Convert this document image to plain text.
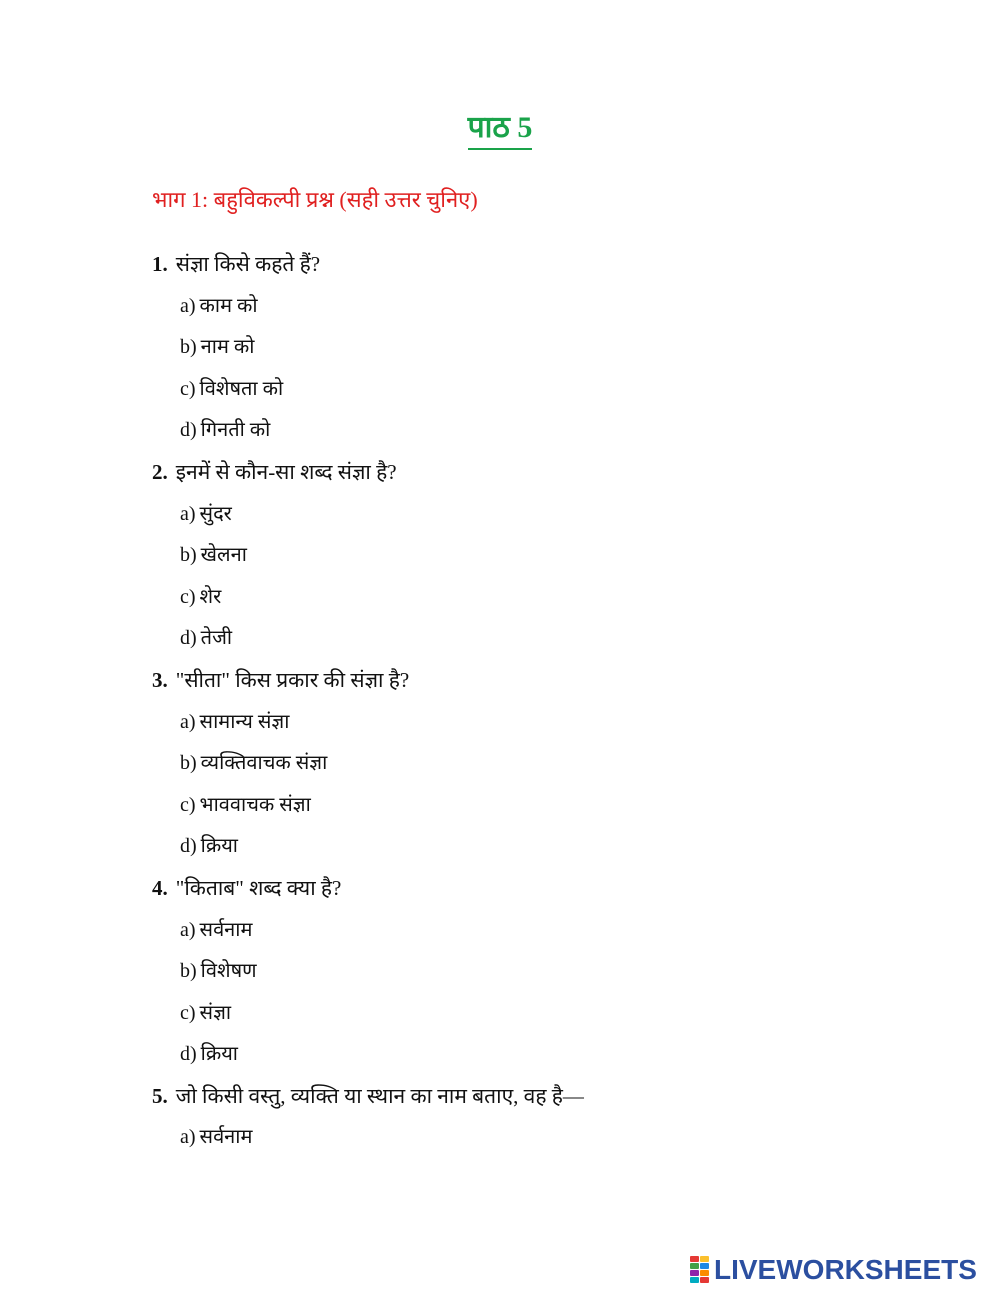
पाठ 5
भाग 1: बहुविकल्पी प्रश्न (सही उत्तर चुनिए)
1. संज्ञा किसे कहते हैं?
a) काम को
b) नाम को
c) विशेषता को
d) गिनती को
2. इनमें से कौन-सा शब्द संज्ञा है?
a) सुंदर
b) खेलना
c) शेर
d) तेजी
3. "सीता" किस प्रकार की संज्ञा है?
a) सामान्य संज्ञा
b) व्यक्तिवाचक संज्ञा
c) भाववाचक संज्ञा
d) क्रिया
4. "किताब" शब्द क्या है?
a) सर्वनाम
b) विशेषण
c) संज्ञा
d) क्रिया
5. जो किसी वस्तु, व्यक्ति या स्थान का नाम बताए, वह है—
a) सर्वनाम
LIVEWORKSHEETS
